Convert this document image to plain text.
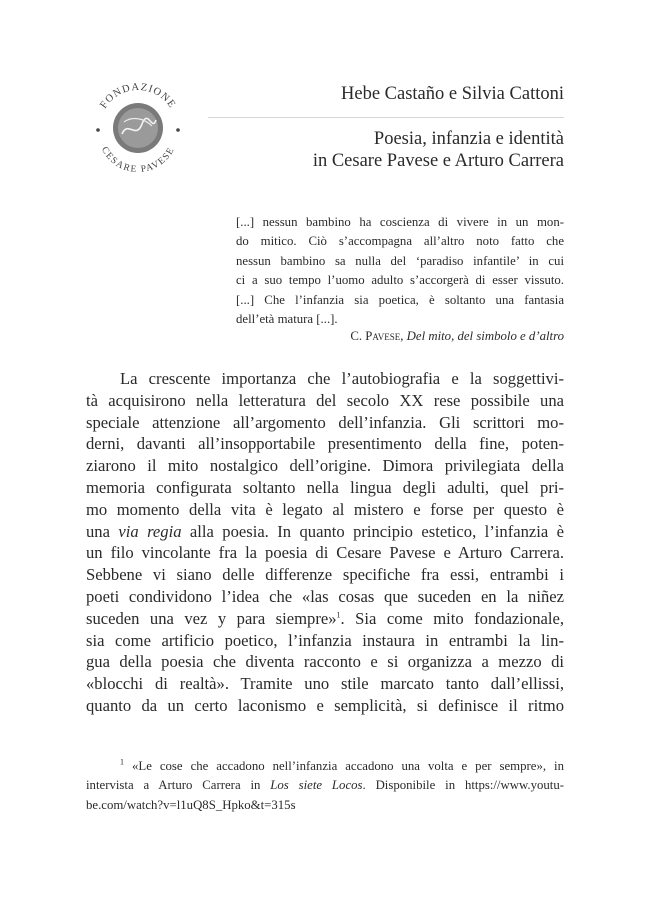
FONDAZIONE
CESARE PAVESE
Hebe Castaño e Silvia Cattoni
Poesia, infanzia e identità
in Cesare Pavese e Arturo Carrera
[...] nessun bambino ha coscienza di vivere in un mon-
do mitico. Ciò s’accompagna all’altro noto fatto che
nessun bambino sa nulla del ‘paradiso infantile’ in cui
ci a suo tempo l’uomo adulto s’accorgerà di esser vissuto.
[...] Che l’infanzia sia poetica, è soltanto una fantasia
dell’età matura [...].
C. Pavese, Del mito, del simbolo e d’altro
La crescente importanza che l’autobiografia e la soggettivi-
tà acquisirono nella letteratura del secolo XX rese possibile una
speciale attenzione all’argomento dell’infanzia. Gli scrittori mo-
derni, davanti all’insopportabile presentimento della fine, poten-
ziarono il mito nostalgico dell’origine. Dimora privilegiata della
memoria configurata soltanto nella lingua degli adulti, quel pri-
mo momento della vita è legato al mistero e forse per questo è
una via regia alla poesia. In quanto principio estetico, l’infanzia è
un filo vincolante fra la poesia di Cesare Pavese e Arturo Carrera.
Sebbene vi siano delle differenze specifiche fra essi, entrambi i
poeti condividono l’idea che «las cosas que suceden en la niñez
suceden una vez y para siempre»$^1$. Sia come mito fondazionale,
sia come artificio poetico, l’infanzia instaura in entrambi la lin-
gua della poesia che diventa racconto e si organizza a mezzo di
«blocchi di realtà». Tramite uno stile marcato tanto dall’ellissi,
quanto da un certo laconismo e semplicità, si definisce il ritmo
$^1$ «Le cose che accadono nell’infanzia accadono una volta e per sempre», in
intervista a Arturo Carrera in Los siete Locos. Disponibile in https://www.youtu-
be.com/watch?v=l1uQ8S_Hpko&t=315s
